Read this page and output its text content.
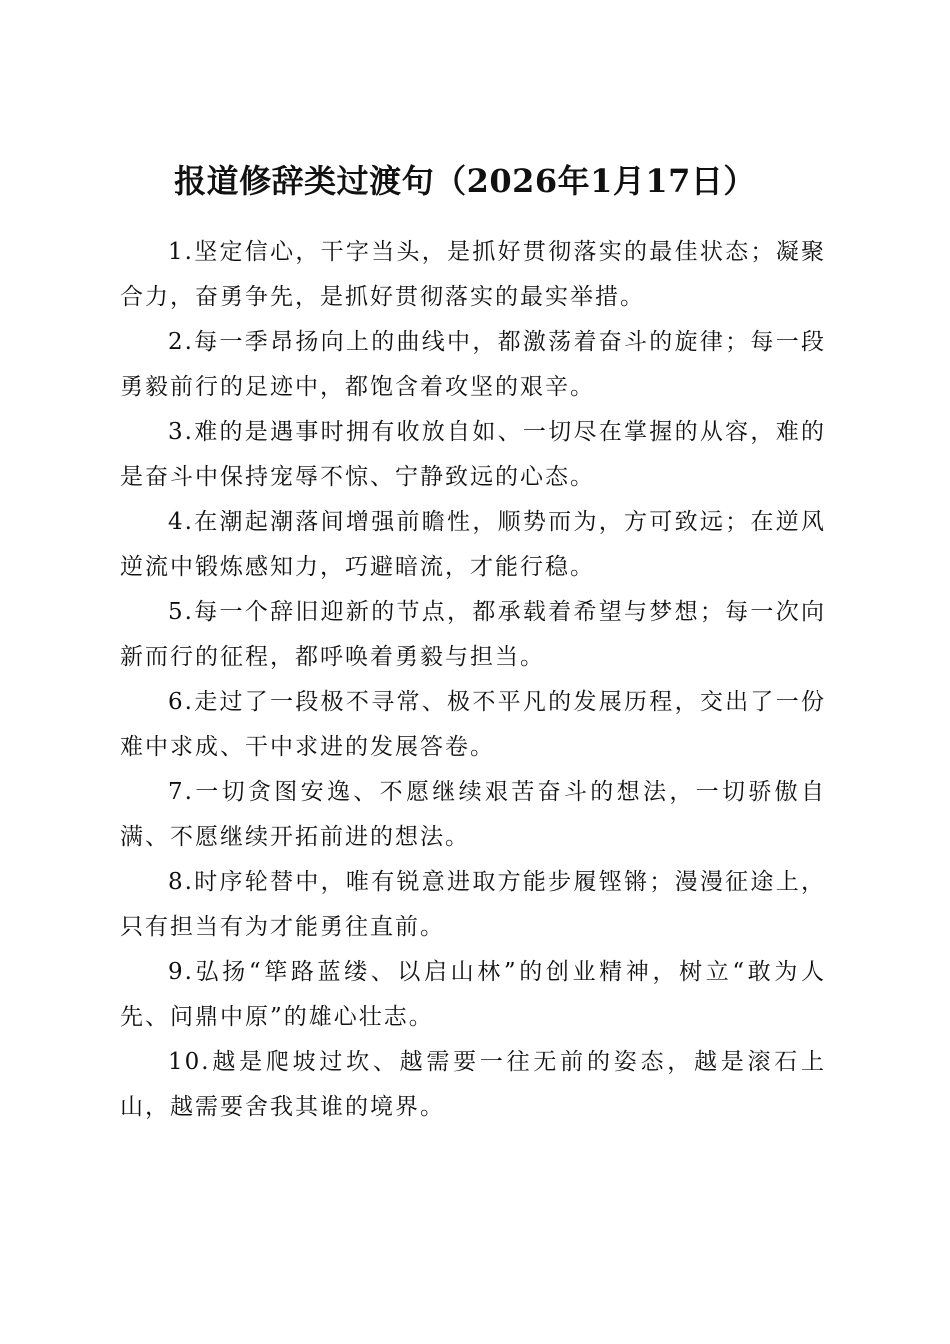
报道修辞类过渡句（2026年1月17日）

1.坚定信心，干字当头，是抓好贯彻落实的最佳状态；凝聚合力，奋勇争先，是抓好贯彻落实的最实举措。

2.每一季昂扬向上的曲线中，都激荡着奋斗的旋律；每一段勇毅前行的足迹中，都饱含着攻坚的艰辛。

3.难的是遇事时拥有收放自如、一切尽在掌握的从容，难的是奋斗中保持宠辱不惊、宁静致远的心态。

4.在潮起潮落间增强前瞻性，顺势而为，方可致远；在逆风逆流中锻炼感知力，巧避暗流，才能行稳。

5.每一个辞旧迎新的节点，都承载着希望与梦想；每一次向新而行的征程，都呼唤着勇毅与担当。

6.走过了一段极不寻常、极不平凡的发展历程，交出了一份难中求成、干中求进的发展答卷。

7.一切贪图安逸、不愿继续艰苦奋斗的想法，一切骄傲自满、不愿继续开拓前进的想法。

8.时序轮替中，唯有锐意进取方能步履铿锵；漫漫征途上，只有担当有为才能勇往直前。

9.弘扬“筚路蓝缕、以启山林”的创业精神，树立“敢为人先、问鼎中原”的雄心壮志。

10.越是爬坡过坎、越需要一往无前的姿态，越是滚石上山，越需要舍我其谁的境界。
